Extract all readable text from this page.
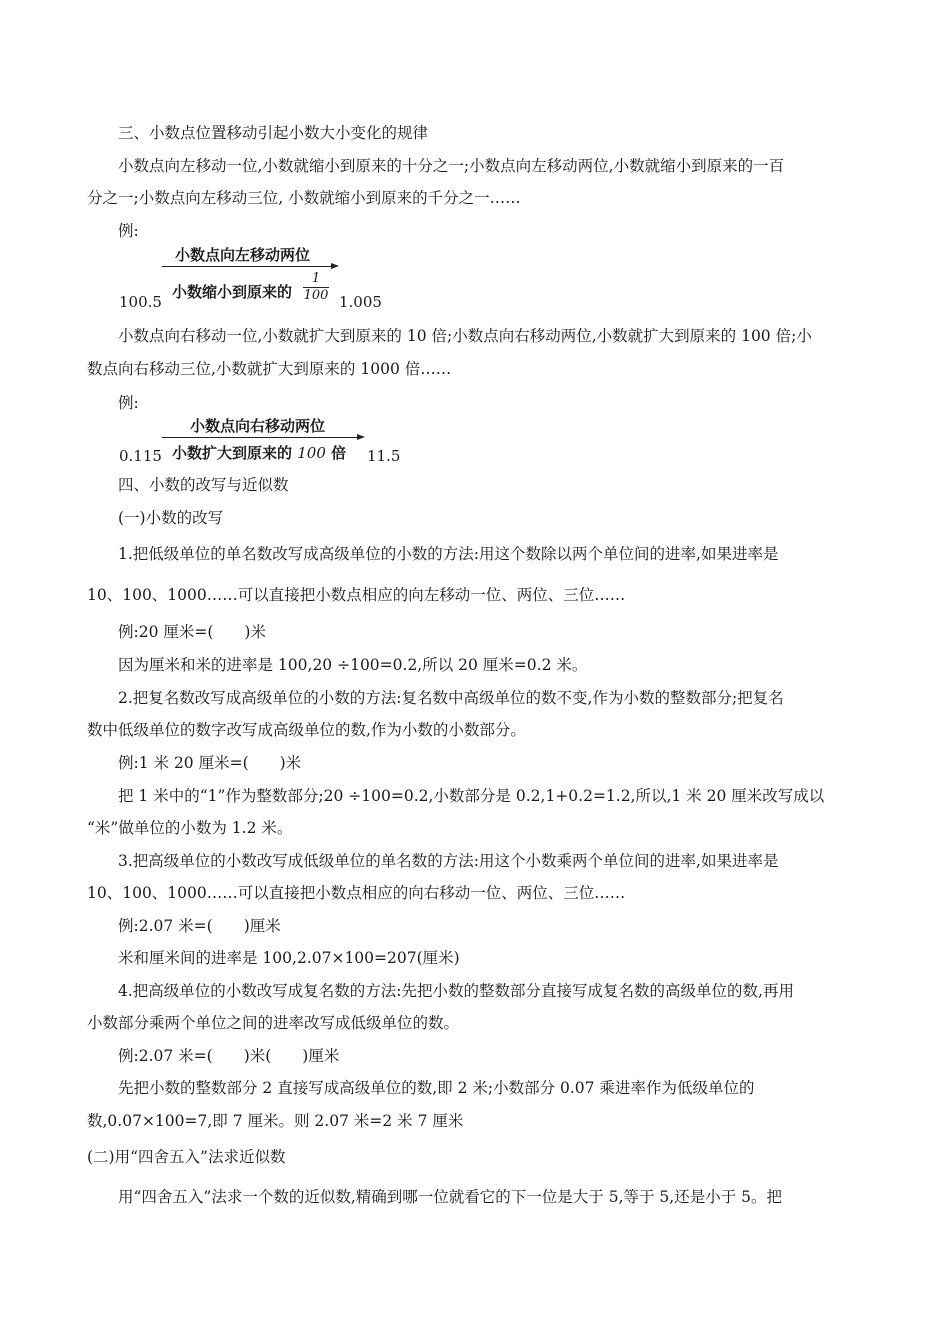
三、小数点位置移动引起小数大小变化的规律
小数点向左移动一位,小数就缩小到原来的十分之一;小数点向左移动两位,小数就缩小到原来的一百
分之一;小数点向左移动三位, 小数就缩小到原来的千分之一……
例:
小数点向左移动两位
小数缩小到原来的
1
100
100.5	1.005
小数点向右移动一位,小数就扩大到原来的 10 倍;小数点向右移动两位,小数就扩大到原来的 100 倍;小
数点向右移动三位,小数就扩大到原来的 1000 倍……
例:
小数点向右移动两位
小数扩大到原来的 100 倍
0.115	11.5
四、小数的改写与近似数
(一)小数的改写
1.把低级单位的单名数改写成高级单位的小数的方法:用这个数除以两个单位间的进率,如果进率是
10、100、1000……可以直接把小数点相应的向左移动一位、两位、三位……
例:20 厘米=(　　)米
因为厘米和米的进率是 100,20 ÷100=0.2,所以 20 厘米=0.2 米。
2.把复名数改写成高级单位的小数的方法:复名数中高级单位的数不变,作为小数的整数部分;把复名
数中低级单位的数字改写成高级单位的数,作为小数的小数部分。
例:1 米 20 厘米=(　　)米
把 1 米中的“1”作为整数部分;20 ÷100=0.2,小数部分是 0.2,1+0.2=1.2,所以,1 米 20 厘米改写成以
“米”做单位的小数为 1.2 米。
3.把高级单位的小数改写成低级单位的单名数的方法:用这个小数乘两个单位间的进率,如果进率是
10、100、1000……可以直接把小数点相应的向右移动一位、两位、三位……
例:2.07 米=(　　)厘米
米和厘米间的进率是 100,2.07×100=207(厘米)
4.把高级单位的小数改写成复名数的方法:先把小数的整数部分直接写成复名数的高级单位的数,再用
小数部分乘两个单位之间的进率改写成低级单位的数。
例:2.07 米=(　　)米(　　)厘米
先把小数的整数部分 2 直接写成高级单位的数,即 2 米;小数部分 0.07 乘进率作为低级单位的
数,0.07×100=7,即 7 厘米。则 2.07 米=2 米 7 厘米
(二)用“四舍五入”法求近似数
用“四舍五入”法求一个数的近似数,精确到哪一位就看它的下一位是大于 5,等于 5,还是小于 5。把
